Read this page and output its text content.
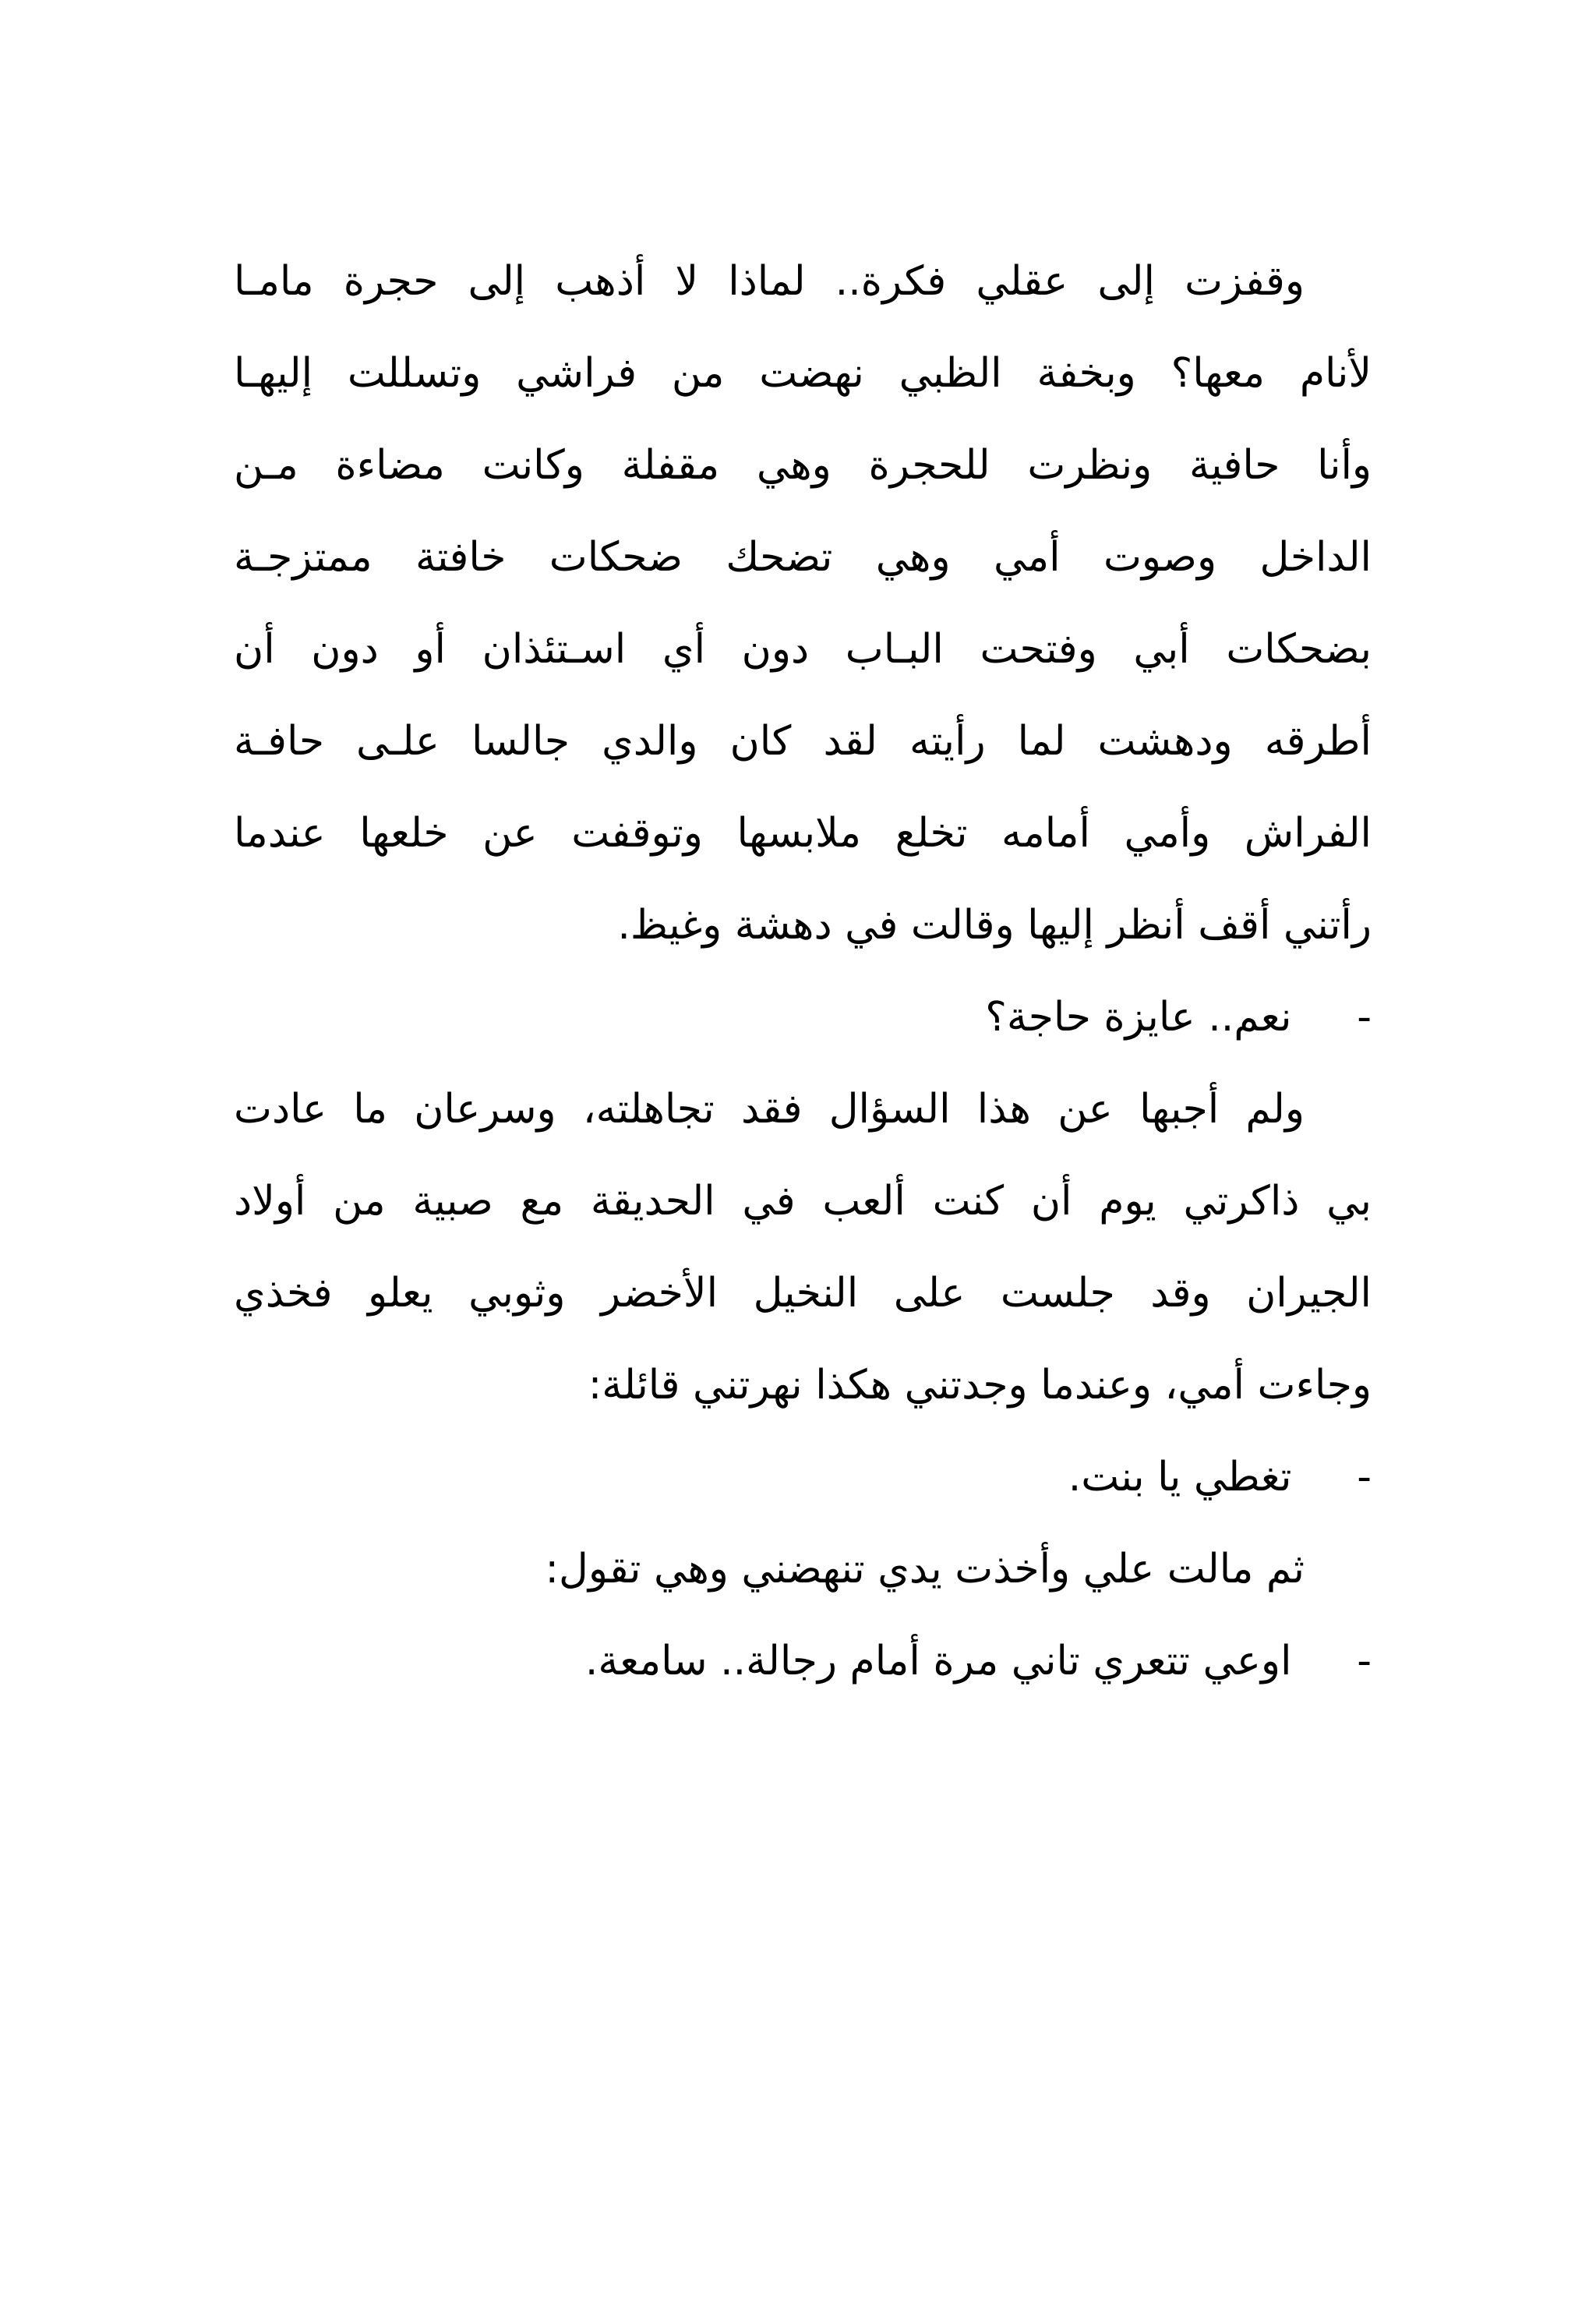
وقفزت إلى عقلي فكرة.. لماذا لا أذهب إلى حجرة مامـا
لأنام معها؟ وبخفة الظبي نهضت من فراشي وتسللت إليهـا
وأنا حافية ونظرت للحجرة وهي مقفلة وكانت مضاءة مـن
الداخل وصوت أمي وهي تضحك ضحكات خافتة ممتزجـة
بضحكات أبي وفتحت البـاب دون أي اسـتئذان أو دون أن
أطرقه ودهشت لما رأيته لقد كان والدي جالسا علـى حافـة
الفراش وأمي أمامه تخلع ملابسها وتوقفت عن خلعها عندما
رأتني أقف أنظر إليها وقالت في دهشة وغيظ.
- نعم.. عايزة حاجة؟
ولم أجبها عن هذا السؤال فقد تجاهلته، وسرعان ما عادت
بي ذاكرتي يوم أن كنت ألعب في الحديقة مع صبية من أولاد
الجيران وقد جلست على النخيل الأخضر وثوبي يعلو فخذي
وجاءت أمي، وعندما وجدتني هكذا نهرتني قائلة:
- تغطي يا بنت.
ثم مالت علي وأخذت يدي تنهضني وهي تقول:
- اوعي تتعري تاني مرة أمام رجالة.. سامعة.
